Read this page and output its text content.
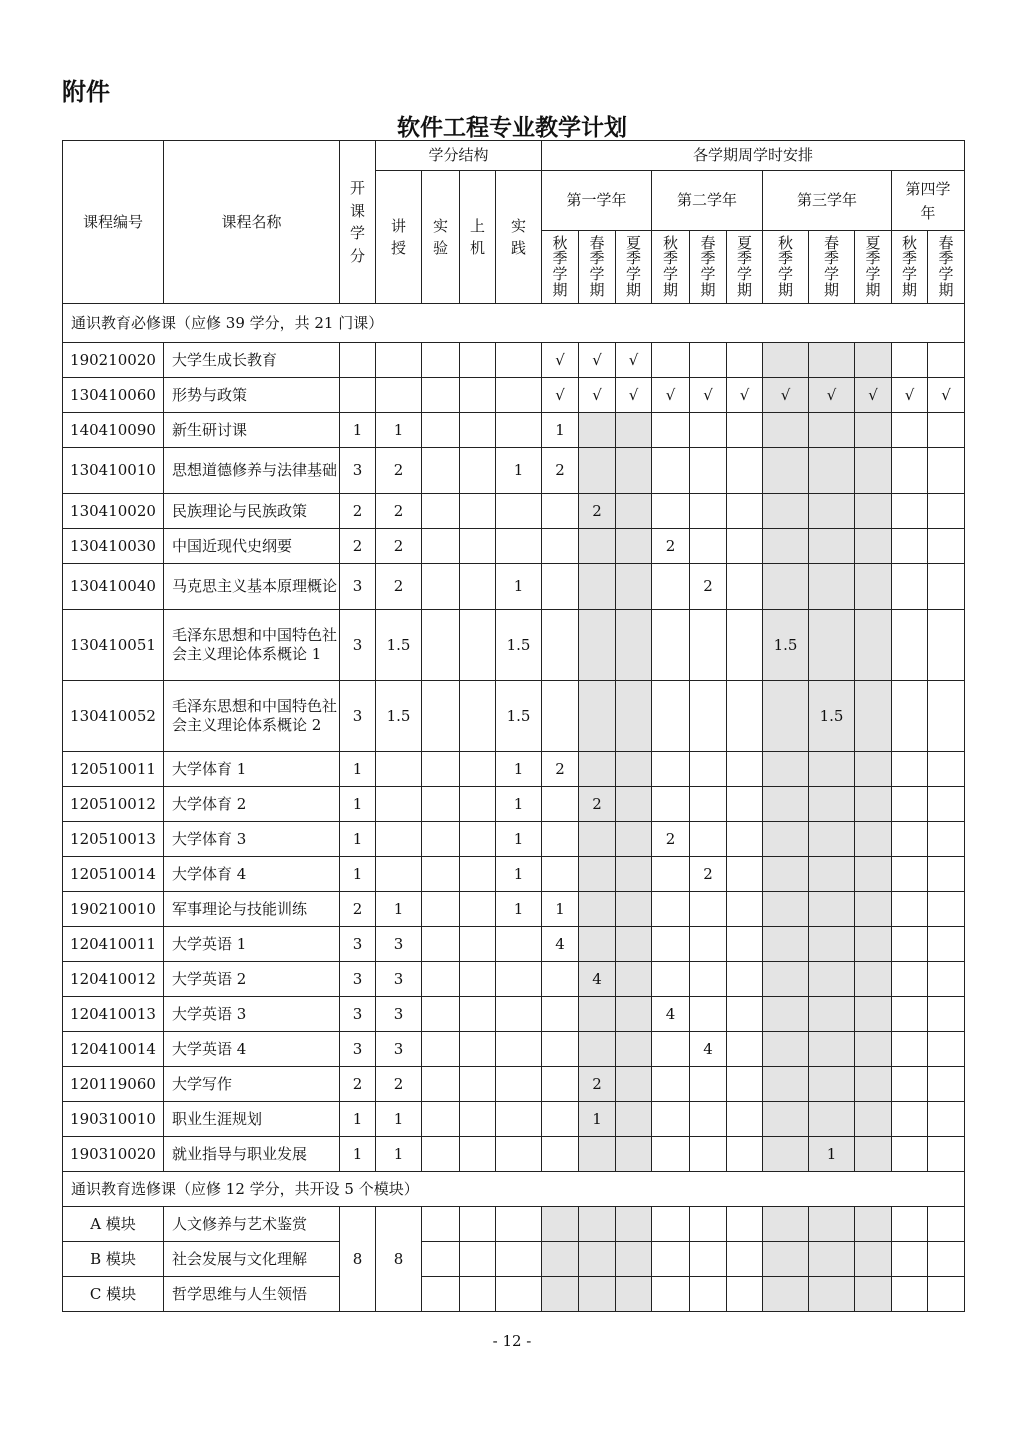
附件
软件工程专业教学计划
课程编号	课程名称	开课学分	学分结构				各学期周学时安排										

			讲授	实验	上机	实践	第一学年			第二学年			第三学年			第四学年	

							秋季学期	春季学期	夏季学期	秋季学期	春季学期	夏季学期	秋季学期	春季学期	夏季学期	秋季学期	春季学期

通识教育必修课（应修 39 学分，共 21 门课）																	
190210020	大学生成长教育						√	√	√								
130410060	形势与政策						√	√	√	√	√	√	√	√	√	√	√
140410090	新生研讨课	1	1				1										
130410010	思想道德修养与法律基础	3	2			1	2										
130410020	民族理论与民族政策	2	2					2									
130410030	中国近现代史纲要	2	2							2							
130410040	马克思主义基本原理概论	3	2			1					2						
130410051	毛泽东思想和中国特色社会主义理论体系概论 1	3	1.5			1.5							1.5				
130410052	毛泽东思想和中国特色社会主义理论体系概论 2	3	1.5			1.5								1.5			
120510011	大学体育 1	1				1	2										
120510012	大学体育 2	1				1		2									
120510013	大学体育 3	1				1				2							
120510014	大学体育 4	1				1					2						
190210010	军事理论与技能训练	2	1			1	1										
120410011	大学英语 1	3	3				4										
120410012	大学英语 2	3	3					4									
120410013	大学英语 3	3	3							4							
120410014	大学英语 4	3	3								4						
120119060	大学写作	2	2					2									
190310010	职业生涯规划	1	1					1									
190310020	就业指导与职业发展	1	1											1			
通识教育选修课（应修 12 学分，共开设 5 个模块）																	
A 模块	人文修养与艺术鉴赏	8	8														
B 模块	社会发展与文化理解																
C 模块	哲学思维与人生领悟																
- 12 -
